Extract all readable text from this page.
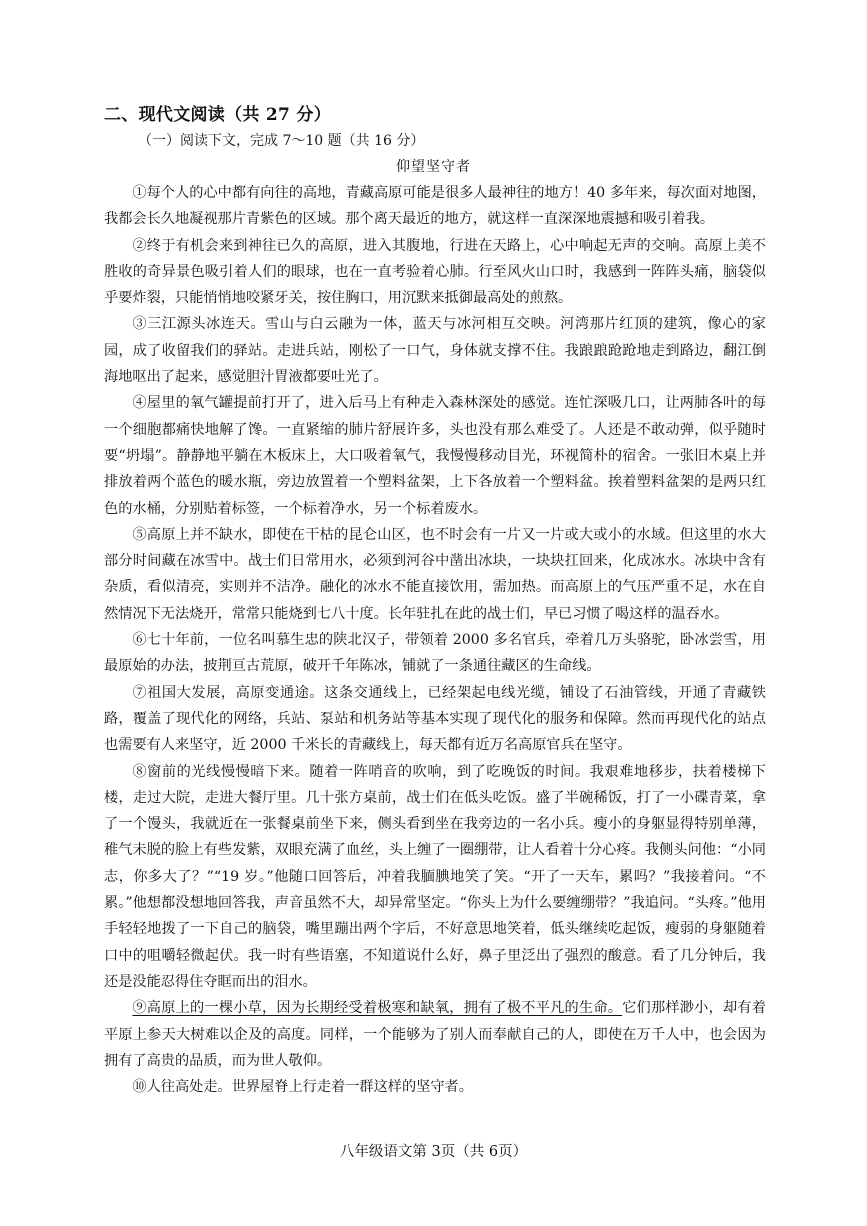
二、现代文阅读（共 27 分）
（一）阅读下文，完成 7～10 题（共 16 分）
仰望坚守者

①每个人的心中都有向往的高地，青藏高原可能是很多人最神往的地方！40 多年来，每次面对地图，我都会长久地凝视那片青紫色的区域。那个离天最近的地方，就这样一直深深地震撼和吸引着我。

②终于有机会来到神往已久的高原，进入其腹地，行进在天路上，心中响起无声的交响。高原上美不胜收的奇异景色吸引着人们的眼球，也在一直考验着心肺。行至风火山口时，我感到一阵阵头痛，脑袋似乎要炸裂，只能悄悄地咬紧牙关，按住胸口，用沉默来抵御最高处的煎熬。

③三江源头冰连天。雪山与白云融为一体，蓝天与冰河相互交映。河湾那片红顶的建筑，像心的家园，成了收留我们的驿站。走进兵站，刚松了一口气，身体就支撑不住。我踉踉跄跄地走到路边，翻江倒海地呕出了起来，感觉胆汁胃液都要吐光了。

④屋里的氧气罐提前打开了，进入后马上有种走入森林深处的感觉。连忙深吸几口，让两肺各叶的每一个细胞都痛快地解了馋。一直紧缩的肺片舒展许多，头也没有那么难受了。人还是不敢动弹，似乎随时要“坍塌”。静静地平躺在木板床上，大口吸着氧气，我慢慢移动目光，环视简朴的宿舍。一张旧木桌上并排放着两个蓝色的暖水瓶，旁边放置着一个塑料盆架，上下各放着一个塑料盆。挨着塑料盆架的是两只红色的水桶，分别贴着标签，一个标着净水，另一个标着废水。

⑤高原上并不缺水，即使在干枯的昆仑山区，也不时会有一片又一片或大或小的水域。但这里的水大部分时间藏在冰雪中。战士们日常用水，必须到河谷中凿出冰块，一块块扛回来，化成冰水。冰块中含有杂质，看似清亮，实则并不洁净。融化的冰水不能直接饮用，需加热。而高原上的气压严重不足，水在自然情况下无法烧开，常常只能烧到七八十度。长年驻扎在此的战士们，早已习惯了喝这样的温吞水。

⑥七十年前，一位名叫慕生忠的陕北汉子，带领着 2000 多名官兵，牵着几万头骆驼，卧冰尝雪，用最原始的办法，披荆亘古荒原，破开千年陈冰，铺就了一条通往藏区的生命线。

⑦祖国大发展，高原变通途。这条交通线上，已经架起电线光缆，铺设了石油管线，开通了青藏铁路，覆盖了现代化的网络，兵站、泵站和机务站等基本实现了现代化的服务和保障。然而再现代化的站点也需要有人来坚守，近 2000 千米长的青藏线上，每天都有近万名高原官兵在坚守。

⑧窗前的光线慢慢暗下来。随着一阵哨音的吹响，到了吃晚饭的时间。我艰难地移步，扶着楼梯下楼，走过大院，走进大餐厅里。几十张方桌前，战士们在低头吃饭。盛了半碗稀饭，打了一小碟青菜，拿了一个馒头，我就近在一张餐桌前坐下来，侧头看到坐在我旁边的一名小兵。瘦小的身躯显得特别单薄，稚气未脱的脸上有些发紫，双眼充满了血丝，头上缠了一圈绷带，让人看着十分心疼。我侧头问他：“小同志，你多大了？”“19 岁。”他随口回答后，冲着我腼腆地笑了笑。“开了一天车，累吗？”我接着问。“不累。”他想都没想地回答我，声音虽然不大，却异常坚定。“你头上为什么要缠绷带？”我追问。“头疼。”他用手轻轻地拨了一下自己的脑袋，嘴里蹦出两个字后，不好意思地笑着，低头继续吃起饭，瘦弱的身躯随着口中的咀嚼轻微起伏。我一时有些语塞，不知道说什么好，鼻子里泛出了强烈的酸意。看了几分钟后，我还是没能忍得住夺眶而出的泪水。

⑨高原上的一棵小草，因为长期经受着极寒和缺氧，拥有了极不平凡的生命。它们那样渺小，却有着平原上参天大树难以企及的高度。同样，一个能够为了别人而奉献自己的人，即使在万千人中，也会因为拥有了高贵的品质，而为世人敬仰。

⑩人往高处走。世界屋脊上行走着一群这样的坚守者。

八年级语文第 3页（共 6页）
